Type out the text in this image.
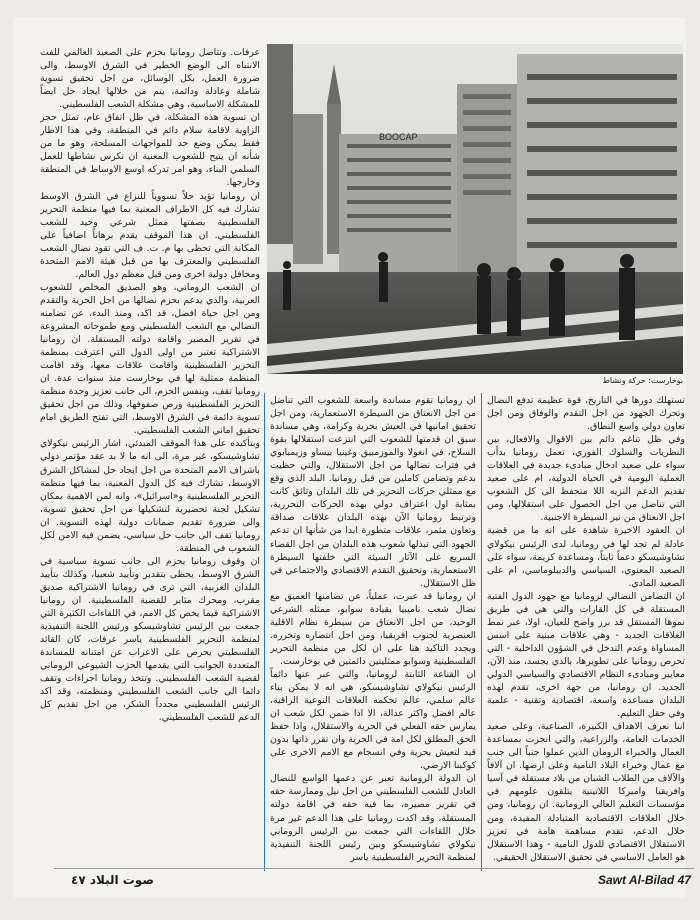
BOOCAP
بوخارست: حركة ونشاط

عرفات. وتتاصل رومانيا بحزم على الصعيد العالمي للفت الانتباه الى الوضع الخطير في الشرق الاوسط، والى ضرورة العمل، بكل الوسائل، من اجل تحقيق تسوية شاملة وعادلة ودائمة، يتم من خلالها ايجاد حل ايضاً للمشكلة الاساسية، وهي مشكلة الشعب الفلسطيني.

ان تسوية هذه المشكلة، في ظل اتفاق عام، تمثل حجر الزاوية لاقامة سلام دائم في المنطقة، وفي هذا الاطار فقط يمكن وضع حد للمواجهات المسلحة، وهو ما من شأنه ان يتيح للشعوب المعنية ان تكرس نشاطها للعمل السلمي البناء، وهو امر تدركه اوسع الاوساط في المنطقة وخارجها.

ان رومانيا تؤيد حلاً تسووياً للنزاع في الشرق الاوسط تشارك فيه كل الاطراف المعنية بما فيها منظمة التحرير الفلسطينية بصفتها ممثل شرعي وحيد للشعب الفلسطيني. ان هذا الموقف يقدم برهاناً اضافياً على المكانة التي تحظى بها م. ت. ف التي تقود نضال الشعب الفلسطيني والمعترف بها من قبل هيئة الامم المتحدة ومحافل دولية اخرى ومن قبل معظم دول العالم.

ان الشعب الروماني، وهو الصديق المخلص للشعوب العربية، والذي يدعم بحزم نضالها من اجل الحرية والتقدم ومن اجل حياة افضل، قد اكد، ومنذ البدء، عن تضامنه النضالي مع الشعب الفلسطيني ومع طموحاته المشروعة في تقرير المصير واقامة دولته المستقلة. ان رومانيا الاشتراكية تعتبر من اولى الدول التي اعترفت بمنظمة التحرير الفلسطينية واقامت علاقات معها، وقد اقامت المنظمة ممثلية لها في بوخارست منذ سنوات عدة. ان رومانيا تقف، وبنفس الحزم، الى جانب تعزيز وحدة منظمة التحرير الفلسطينية ورص صفوفها، وذلك من اجل تحقيق تسوية دائمة في الشرق الاوسط، التي تفتح الطريق امام تحقيق اماني الشعب الفلسطيني.

وبتأكيده على هذا الموقف المبدئي، اشار الرئيس نيكولاي تشاوشيسكو، غير مرة، الى انه ما لا بد عقد مؤتمر دولي باشراف الامم المتحدة من اجل ايجاد حل لمشاكل الشرق الاوسط، تشارك فيه كل الدول المعنية، بما فيها منظمة التحرير الفلسطينية و«اسرائيل»، وانه لمن الاهمية بمكان تشكيل لجنة تحضيرية لتشكيلها من اجل تحقيق تسوية، والى ضرورة تقديم ضمانات دولية لهذه التسوية. ان رومانيا تقف الى جانب حل سياسي، يضمن فيه الامن لكل الشعوب في المنطقة.

ان وقوف رومانيا بحزم الى جانب تسوية سياسية في الشرق الاوسط، يحظى بتقدير وتأييد شعبيا، وكذلك بتأييد البلدان العربية، التي ترى في رومانيا الاشتراكية صديق مقرب، ومحرك مثابر للقضية الفلسطينية. ان رومانيا الاشتراكية فيما يخص كل الامم، في اللقاءات الكثيرة التي جمعت بين الرئيس تشاوشيسكو ورئيس اللجنة التنفيذية لمنظمة التحرير الفلسطينية ياسر عرفات، كان القائد الفلسطيني يحرص على الاعراب عن امتنانه للمساندة المتعددة الجوانب التي يقدمها الحزب الشيوعي الروماني لقضية الشعب الفلسطيني. وتتخذ رومانيا اجراءات وتقف دائما الى جانب الشعب الفلسطيني ومنظمته، وقد اكد الرئيس الفلسطيني مجدداً الشكر، من اجل تقديم كل الدعم للشعب الفلسطيني.

ان رومانيا تقوم مساندة واسعة للشعوب التي تناضل من اجل الانعتاق من السيطرة الاستعمارية، ومن اجل تحقيق امانيها في العيش بحرية وكرامة، وهي مساندة سبق ان قدمتها للشعوب التي انتزعت استقلالها بقوة السلاح، في انغولا والموزمبيق وغينيا بيساو وزيمبابوي في فترات نضالها من اجل الاستقلال، والتي حظيت بدعم وتضامن كاملين من قبل رومانيا. البلد الذي وقع مع ممثلي حركات التحرير في تلك البلدان وثائق كانت بمثابة اول اعتراف دولي بهذه الحركات التحررية، وترتبط رومانيا الآن بهذه البلدان علاقات صداقة وتعاون مثمر، علاقات متطورة ابدا من شأنها ان تدعم الجهود التي تبذلها شعوب هذه البلدان من اجل القضاء السريع على الآثار السيئة التي خلفتها السيطرة الاستعمارية، وتحقيق التقدم الاقتصادي والاجتماعي في ظل الاستقلال.

ان رومانيا قد عبرت، عملياً، عن تضامنها العميق مع نضال شعب ناميبيا بقيادة سوابو، ممثله الشرعي الوحيد، من اجل الانعتاق من سيطرة نظام الاقلية العنصرية لجنوب افريقيا، ومن اجل انتصاره وتحرره. ويجدد التاكيد هنا على ان لكل من منظمة التحرير الفلسطينية وسوابو ممثليتين دائمتين في بوخارست.

ان القناعة الثابتة لرومانيا، والتي عبر عنها دائماً الرئيس نيكولاي تشاوشيسكو، هي انه لا يمكن بناء عالم سلمي، عالم تحكمه العلاقات النوعية الراقية، عالم افضل واكثر عدالة، الا اذا ضمن لكل شعب ان يمارس حقه الفعلي في الحرية والاستقلال، واذا حفظ الحق المطلق لكل امة في الحرية وان تقرر ذاتها بدون قيد لتعيش بحرية وفي انسجام مع الامم الاخرى على كوكبنا الارضي.

ان الدولة الرومانية تعبر عن دعمها الواسع للنضال العادل للشعب الفلسطيني من اجل نيل وممارسة حقه في تقرير مصيره، بما فيه حقه في اقامة دولته المستقلة، وقد اكدت رومانيا على هذا الدعم غير مرة خلال اللقاءات التي جمعت بين الرئيس الروماني نيكولاي تشاوشيسكو وبين رئيس اللجنة التنفيذية لمنظمة التحرير الفلسطينية ياسر

تستهلك دورها في التاريخ، قوة عظيمة تدفع النضال وتحرك الجهود من اجل التقدم والوفاق ومن اجل تعاون دولي واسع النطاق.

وفي ظل تناغم دائم بين الاقوال والافعال، بين النظريات والسلوك الفوري، تعمل رومانيا بدأب سواء على صعيد ادخال مبادىء جديدة في العلاقات العملية اليومية في الحياة الدولية، ام على صعيد تقديم الدعم النزيه اللا متحفظ الى كل الشعوب التي تناضل من اجل الحصول على استقلالها، ومن اجل الانعتاق من نير السيطرة الاجنبية.

ان العقود الاخيرة شاهدة على انه ما من قضية عادلة لم تجد لها في رومانيا، لدى الرئيس نيكولاي تشاوشيسكو دعماً ثابتاً، ومساعدة كريمة، سواء على الصعيد المعنوي، السياسي والديبلوماسي، ام على الصعيد المادي.

ان التضامن النضالي لرومانيا مع جهود الدول الفتية المستقلة في كل القارات والتي هي في طريق نموها المستقل قد برز واضح للعيان، اولا، عبر نمط العلاقات الجديد - وهي علاقات مبنية على اسس المساواة وعدم التدخل في الشؤون الداخلية - التي تحرص رومانيا على تطويرها، بالذي يجسد، منذ الآن، معايير ومبادىء النظام الاقتصادي والسياسي الدولي الجديد. ان رومانيا، من جهة اخرى، تقدم لهذه البلدان مساعدة واسعة، اقتصادية وتقنية - علمية وفي حقل التعليم.

اننا نعرف الاهداف الكبيرة، الصناعية، وعلى صعيد الخدمات العامة، والزراعية، والتي انجزت بمساعدة العمال والخبراء الرومان الذين عملوا جنباً الى جنب مع عمال وخبراء البلاد النامية وعلى ارضها. ان آلافاً والآلاف من الطلاب الشبان من بلاد مستقلة في آسيا وافريقيا واميركا اللاتينية يتلقون علومهم في مؤسسات التعليم العالي الرومانية. ان رومانيا، ومن خلال العلاقات الاقتصادية المتبادلة المفيدة، ومن خلال الدعم، تقدم مساهمة هامة في تعزيز الاستقلال الاقتصادي للدول النامية - وهذا الاستقلال هو العامل الاساسي في تحقيق الاستقلال الحقيقي.

Sawt Al-Bilad 47
صوت البلاد ٤٧
